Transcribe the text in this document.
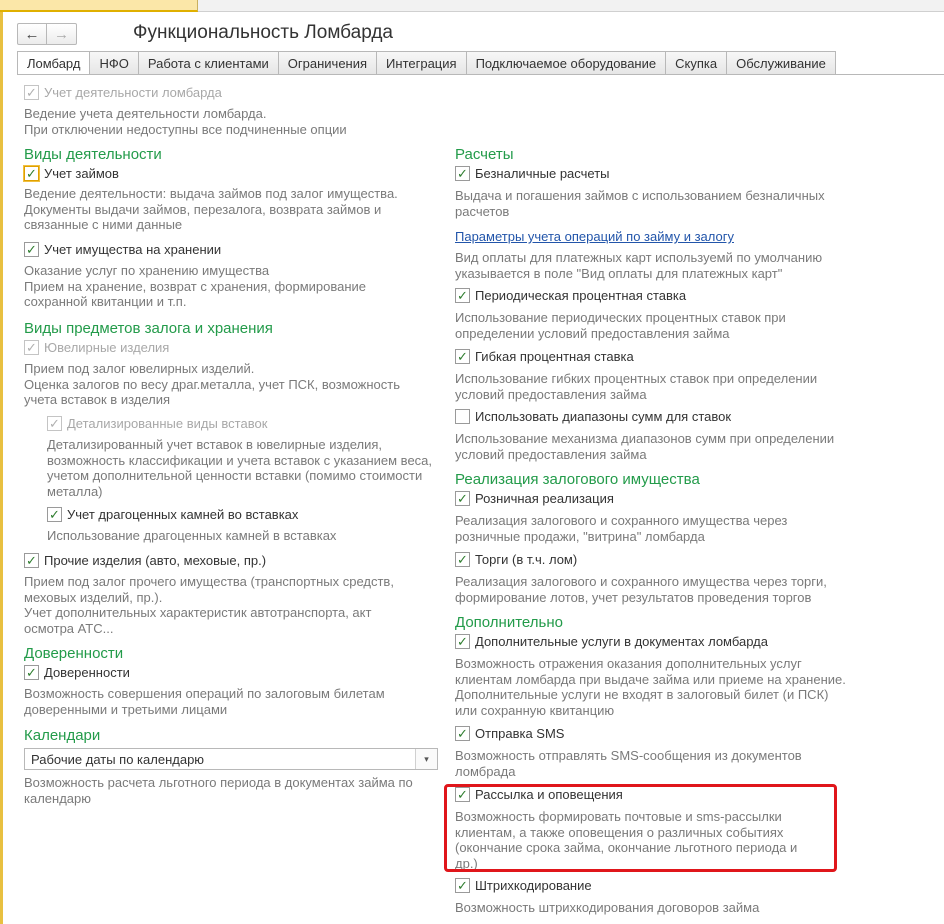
← →	Функциональность Ломбарда
Ломбард	НФО	Работа с клиентами	Ограничения	Интеграция	Подключаемое оборудование	Скупка	Обслуживание
✓ Учет деятельности ломбарда
Ведение учета деятельности ломбарда.
При отключении недоступны все подчиненные опции
Виды деятельности
✓ Учет займов
Ведение деятельности: выдача займов под залог имущества.
Документы выдачи займов, перезалога, возврата займов и
связанные с ними данные
✓ Учет имущества на хранении
Оказание услуг по хранению имущества
Прием на хранение, возврат с хранения, формирование
сохранной квитанции и т.п.
Виды предметов залога и хранения
✓ Ювелирные изделия
Прием под залог ювелирных изделий.
Оценка залогов по весу драг.металла, учет ПСК, возможность
учета вставок в изделия
✓ Детализированные виды вставок
Детализированный учет вставок в ювелирные изделия,
возможность классификации и учета вставок с указанием веса,
учетом дополнительной ценности вставки (помимо стоимости
металла)
✓ Учет драгоценных камней во вставках
Использование драгоценных камней в вставках
✓ Прочие изделия (авто, меховые, пр.)
Прием под залог прочего имущества (транспортных средств,
меховых изделий, пр.).
Учет дополнительных характеристик автотранспорта, акт
осмотра АТС...
Доверенности
✓ Доверенности
Возможность совершения операций по залоговым билетам
доверенными и третьими лицами
Календари
Рабочие даты по календарю	▾
Возможность расчета льготного периода в документах займа по
календарю
Расчеты
✓ Безналичные расчеты
Выдача и погашения займов с использованием безналичных
расчетов
Параметры учета операций по займу и залогу
Вид оплаты для платежных карт используемй по умолчанию
указывается в поле "Вид оплаты для платежных карт"
✓ Периодическая процентная ставка
Использование периодических процентных ставок при
определении условий предоставления займа
✓ Гибкая процентная ставка
Использование гибких процентных ставок при определении
условий предоставления займа
Использовать диапазоны сумм для ставок
Использование механизма диапазонов сумм при определении
условий предоставления займа
Реализация залогового имущества
✓ Розничная реализация
Реализация залогового и сохранного имущества через
розничные продажи, "витрина" ломбарда
✓ Торги (в т.ч. лом)
Реализация залогового и сохранного имущества через торги,
формирование лотов, учет результатов проведения торгов
Дополнительно
✓ Дополнительные услуги в документах ломбарда
Возможность отражения оказания дополнительных услуг
клиентам ломбарда при выдаче займа или приеме на хранение.
Дополнительные услуги не входят в залоговый билет (и ПСК)
или сохранную квитанцию
✓ Отправка SMS
Возможность отправлять SMS-сообщения из документов
ломбрада
✓ Рассылка и оповещения
Возможность формировать почтовые и sms-рассылки
клиентам, а также оповещения о различных событиях
(окончание срока займа, окончание льготного периода и
др.)
✓ Штрихкодирование
Возможность штрихкодирования договоров займа
